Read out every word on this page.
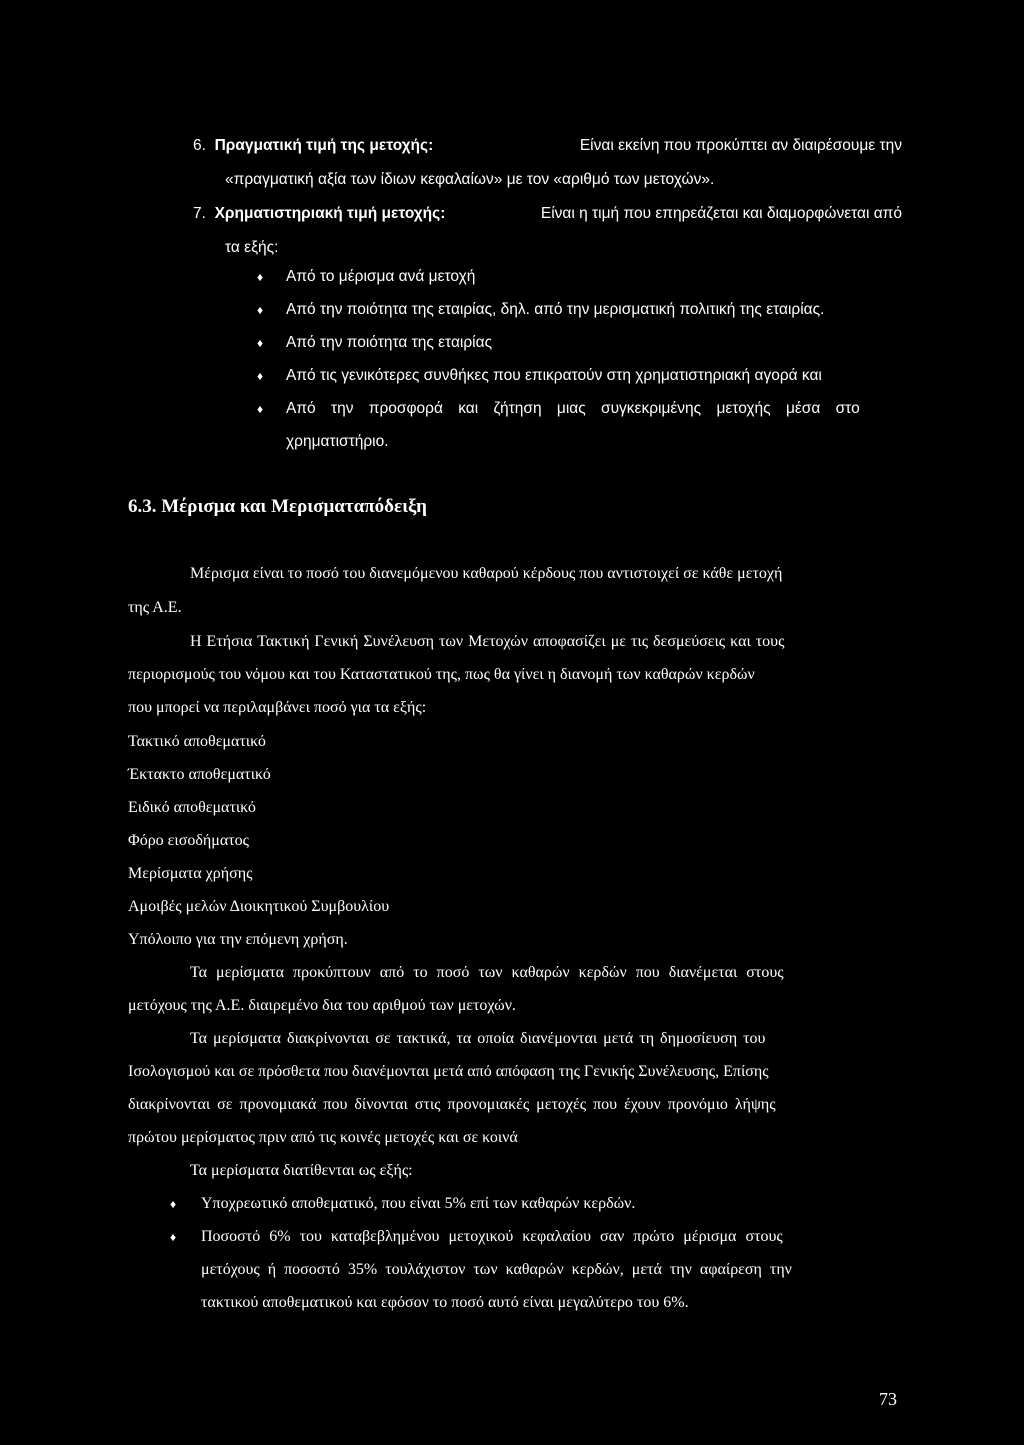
6. Πραγματική τιμή της μετοχής:	Είναι εκείνη που προκύπτει αν διαιρέσουμε την
«πραγματική αξία των ίδιων κεφαλαίων» με τον «αριθμό των μετοχών».
7. Χρηματιστηριακή τιμή μετοχής:	Είναι η τιμή που επηρεάζεται και διαμορφώνεται από
τα εξής:
♦ Από το μέρισμα ανά μετοχή
♦ Από την ποιότητα της εταιρίας, δηλ. από την μερισματική πολιτική της εταιρίας.
♦ Από την ποιότητα της εταιρίας
♦ Από τις γενικότερες συνθήκες που επικρατούν στη χρηματιστηριακή αγορά και
♦ Από την προσφορά και ζήτηση μιας συγκεκριμένης μετοχής μέσα στο
χρηματιστήριο.
6.3. Μέρισμα και Μερισματαπόδειξη
Μέρισμα είναι το ποσό του διανεμόμενου καθαρού κέρδους που αντιστοιχεί σε κάθε μετοχή
της Α.Ε.
Η Ετήσια Τακτική Γενική Συνέλευση των Μετοχών αποφασίζει με τις δεσμεύσεις και τους
περιορισμούς του νόμου και του Καταστατικού της, πως θα γίνει η διανομή των καθαρών κερδών
που μπορεί να περιλαμβάνει ποσό για τα εξής:
Τακτικό αποθεματικό
Έκτακτο αποθεματικό
Ειδικό αποθεματικό
Φόρο εισοδήματος
Μερίσματα χρήσης
Αμοιβές μελών Διοικητικού Συμβουλίου
Υπόλοιπο για την επόμενη χρήση.
Τα μερίσματα προκύπτουν από το ποσό των καθαρών κερδών που διανέμεται στους
μετόχους της Α.Ε. διαιρεμένο δια του αριθμού των μετοχών.
Τα μερίσματα διακρίνονται σε τακτικά, τα οποία διανέμονται μετά τη δημοσίευση του
Ισολογισμού και σε πρόσθετα που διανέμονται μετά από απόφαση της Γενικής Συνέλευσης, Επίσης
διακρίνονται σε προνομιακά που δίνονται στις προνομιακές μετοχές που έχουν προνόμιο λήψης
πρώτου μερίσματος πριν από τις κοινές μετοχές και σε κοινά
Τα μερίσματα διατίθενται ως εξής:
♦ Υποχρεωτικό αποθεματικό, που είναι 5% επί των καθαρών κερδών.
♦ Ποσοστό 6% του καταβεβλημένου μετοχικού κεφαλαίου σαν πρώτο μέρισμα στους
μετόχους ή ποσοστό 35% τουλάχιστον των καθαρών κερδών, μετά την αφαίρεση την
τακτικού αποθεματικού και εφόσον το ποσό αυτό είναι μεγαλύτερο του 6%.
73
